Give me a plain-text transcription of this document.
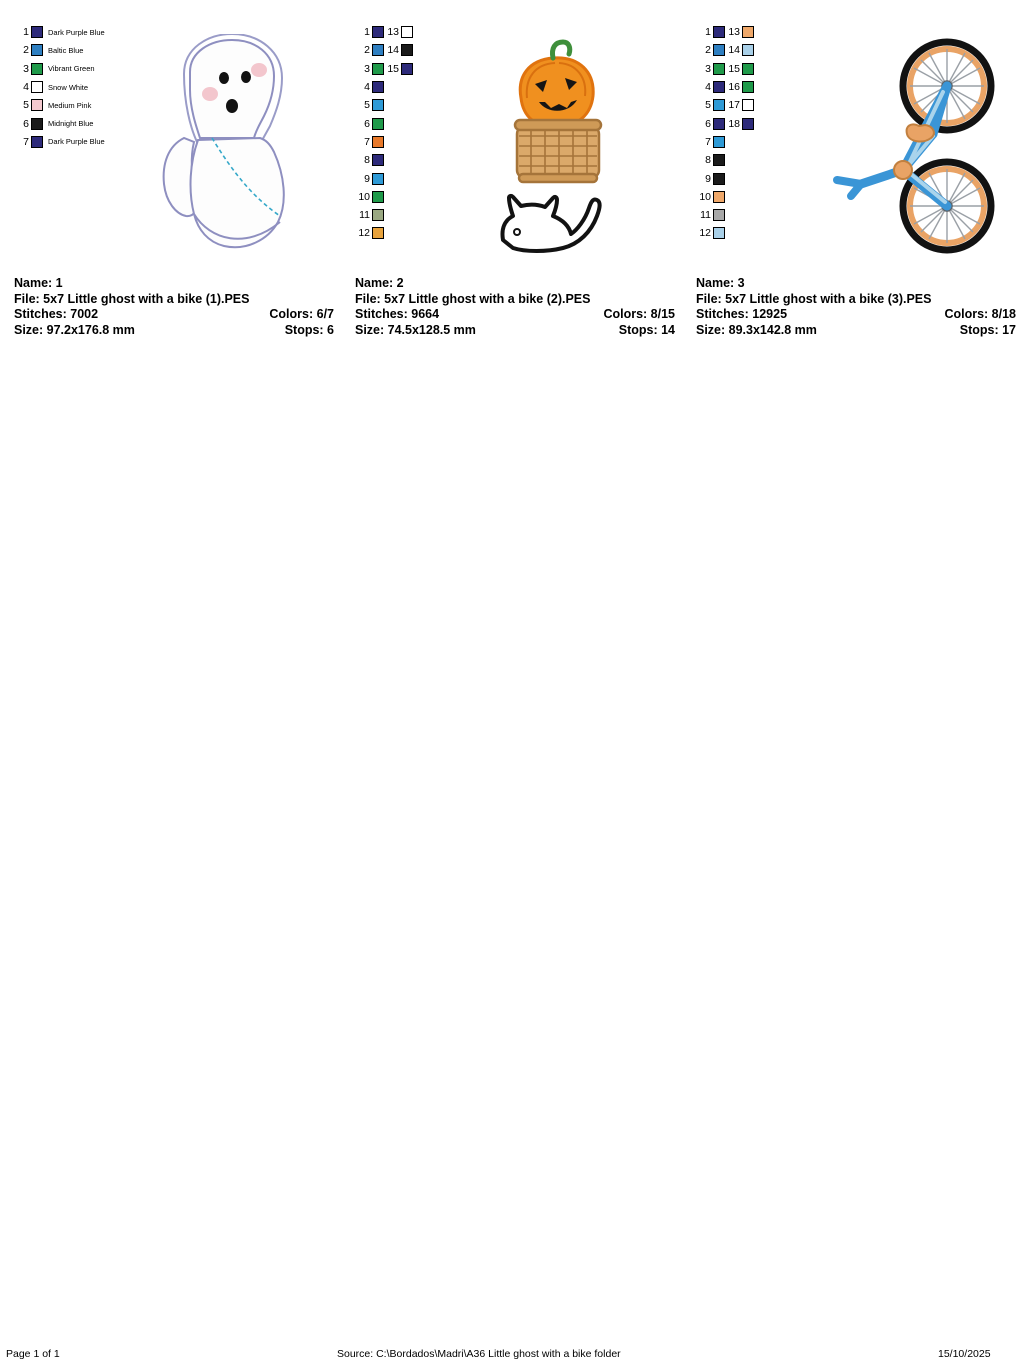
1	Dark Purple Blue
2	Baltic Blue
3	Vibrant Green
4	Snow White
5	Medium Pink
6	Midnight Blue
7	Dark Purple Blue
Name: 1
File: 5x7 Little ghost with a bike (1).PES
Stitches: 7002	Colors: 6/7
Size: 97.2x176.8 mm	Stops: 6
1
2
3
4
5
6
7
8
9
10
11
12
13
14
15
Name: 2
File: 5x7 Little ghost with a bike (2).PES
Stitches: 9664	Colors: 8/15
Size: 74.5x128.5 mm	Stops: 14
1
2
3
4
5
6
7
8
9
10
11
12
13
14
15
16
17
18
Name: 3
File: 5x7 Little ghost with a bike (3).PES
Stitches: 12925	Colors: 8/18
Size: 89.3x142.8 mm	Stops: 17
Page 1 of 1	Source: C:\Bordados\Madri\A36 Little ghost with a bike folder	15/10/2025
